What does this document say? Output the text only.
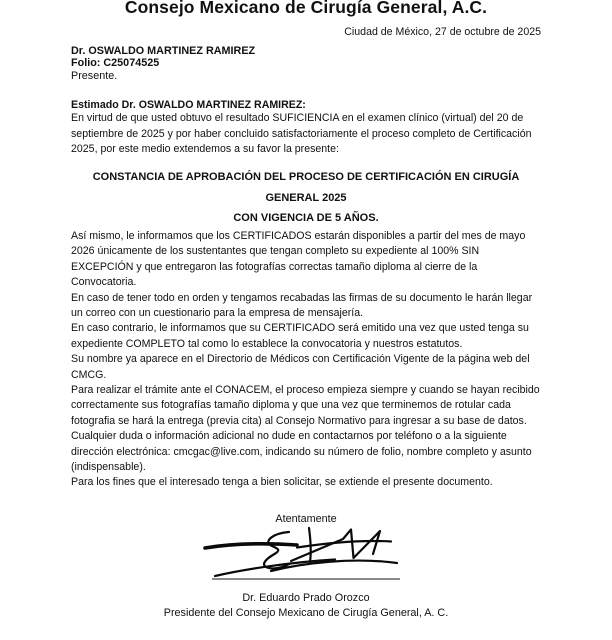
Consejo Mexicano de Cirugía General, A.C.
Ciudad de México, 27 de octubre de 2025
Dr. OSWALDO MARTINEZ RAMIREZ
Folio: C25074525
Presente.
Estimado Dr. OSWALDO MARTINEZ RAMIREZ:

En virtud de que usted obtuvo el resultado SUFICIENCIA en el examen clínico (virtual) del 20 de septiembre de 2025 y por haber concluido satisfactoriamente el proceso completo de Certificación 2025, por este medio extendemos a su favor la presente:

CONSTANCIA DE APROBACIÓN DEL PROCESO DE CERTIFICACIÓN EN CIRUGÍA
GENERAL 2025
CON VIGENCIA DE 5 AÑOS.

Así mismo, le informamos que los CERTIFICADOS estarán disponibles a partir del mes de mayo 2026 únicamente de los sustentantes que tengan completo su expediente al 100% SIN EXCEPCIÓN y que entregaron las fotografías correctas tamaño diploma al cierre de la Convocatoria.

En caso de tener todo en orden y tengamos recabadas las firmas de su documento le harán llegar un correo con un cuestionario para la empresa de mensajería.

En caso contrario, le informamos que su CERTIFICADO será emitido una vez que usted tenga su expediente COMPLETO tal como lo establece la convocatoria y nuestros estatutos.

Su nombre ya aparece en el Directorio de Médicos con Certificación Vigente de la página web del CMCG.

Para realizar el trámite ante el CONACEM, el proceso empieza siempre y cuando se hayan recibido correctamente sus fotografías tamaño diploma y que una vez que terminemos de rotular cada fotografia se hará la entrega (previa cita) al Consejo Normativo para ingresar a su base de datos.

Cualquier duda o información adicional no dude en contactarnos por teléfono o a la siguiente dirección electrónica: cmcgac@live.com, indicando su número de folio, nombre completo y asunto (indispensable).

Para los fines que el interesado tenga a bien solicitar, se extiende el presente documento.

Atentamente
Dr. Eduardo Prado Orozco
Presidente del Consejo Mexicano de Cirugía General, A. C.
